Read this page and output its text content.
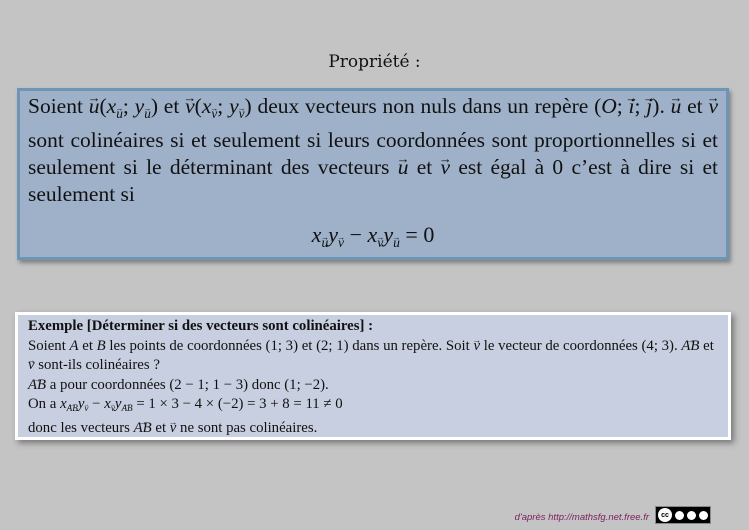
Propriété :

Soient → u(x→ $_u$; y→ $_u$) et → v(x→ $_v$; y→ $_v$) deux vecteurs non nuls dans un repère (O; → i; → j). → u et → v sont colinéaires si et seulement si leurs coordonnées sont proportionnelles si et seulement si le déterminant des vecteurs → u et → v est égal à 0 c’est à dire si et seulement si

x→ $_u$y→ $_v$ − x→ $_v$y→ $_u$ = 0

Exemple [Déterminer si des vecteurs sont colinéaires] :

Soient A et B les points de coordonnées (1; 3) et (2; 1) dans un repère. Soit → v le vecteur de coordonnées (4; 3). → AB et → v sont-ils colinéaires ?

→ AB a pour coordonnées (2 − 1; 1 − 3) donc (1; −2).

On a x→ $_{AB}$y→ $_v$ − x→ $_v$y→ $_{AB}$ = 1 × 3 − 4 × (−2) = 3 + 8 = 11 ≠ 0

donc les vecteurs → AB et → v ne sont pas colinéaires.

d'après http://mathsfg.net.free.fr	cc
